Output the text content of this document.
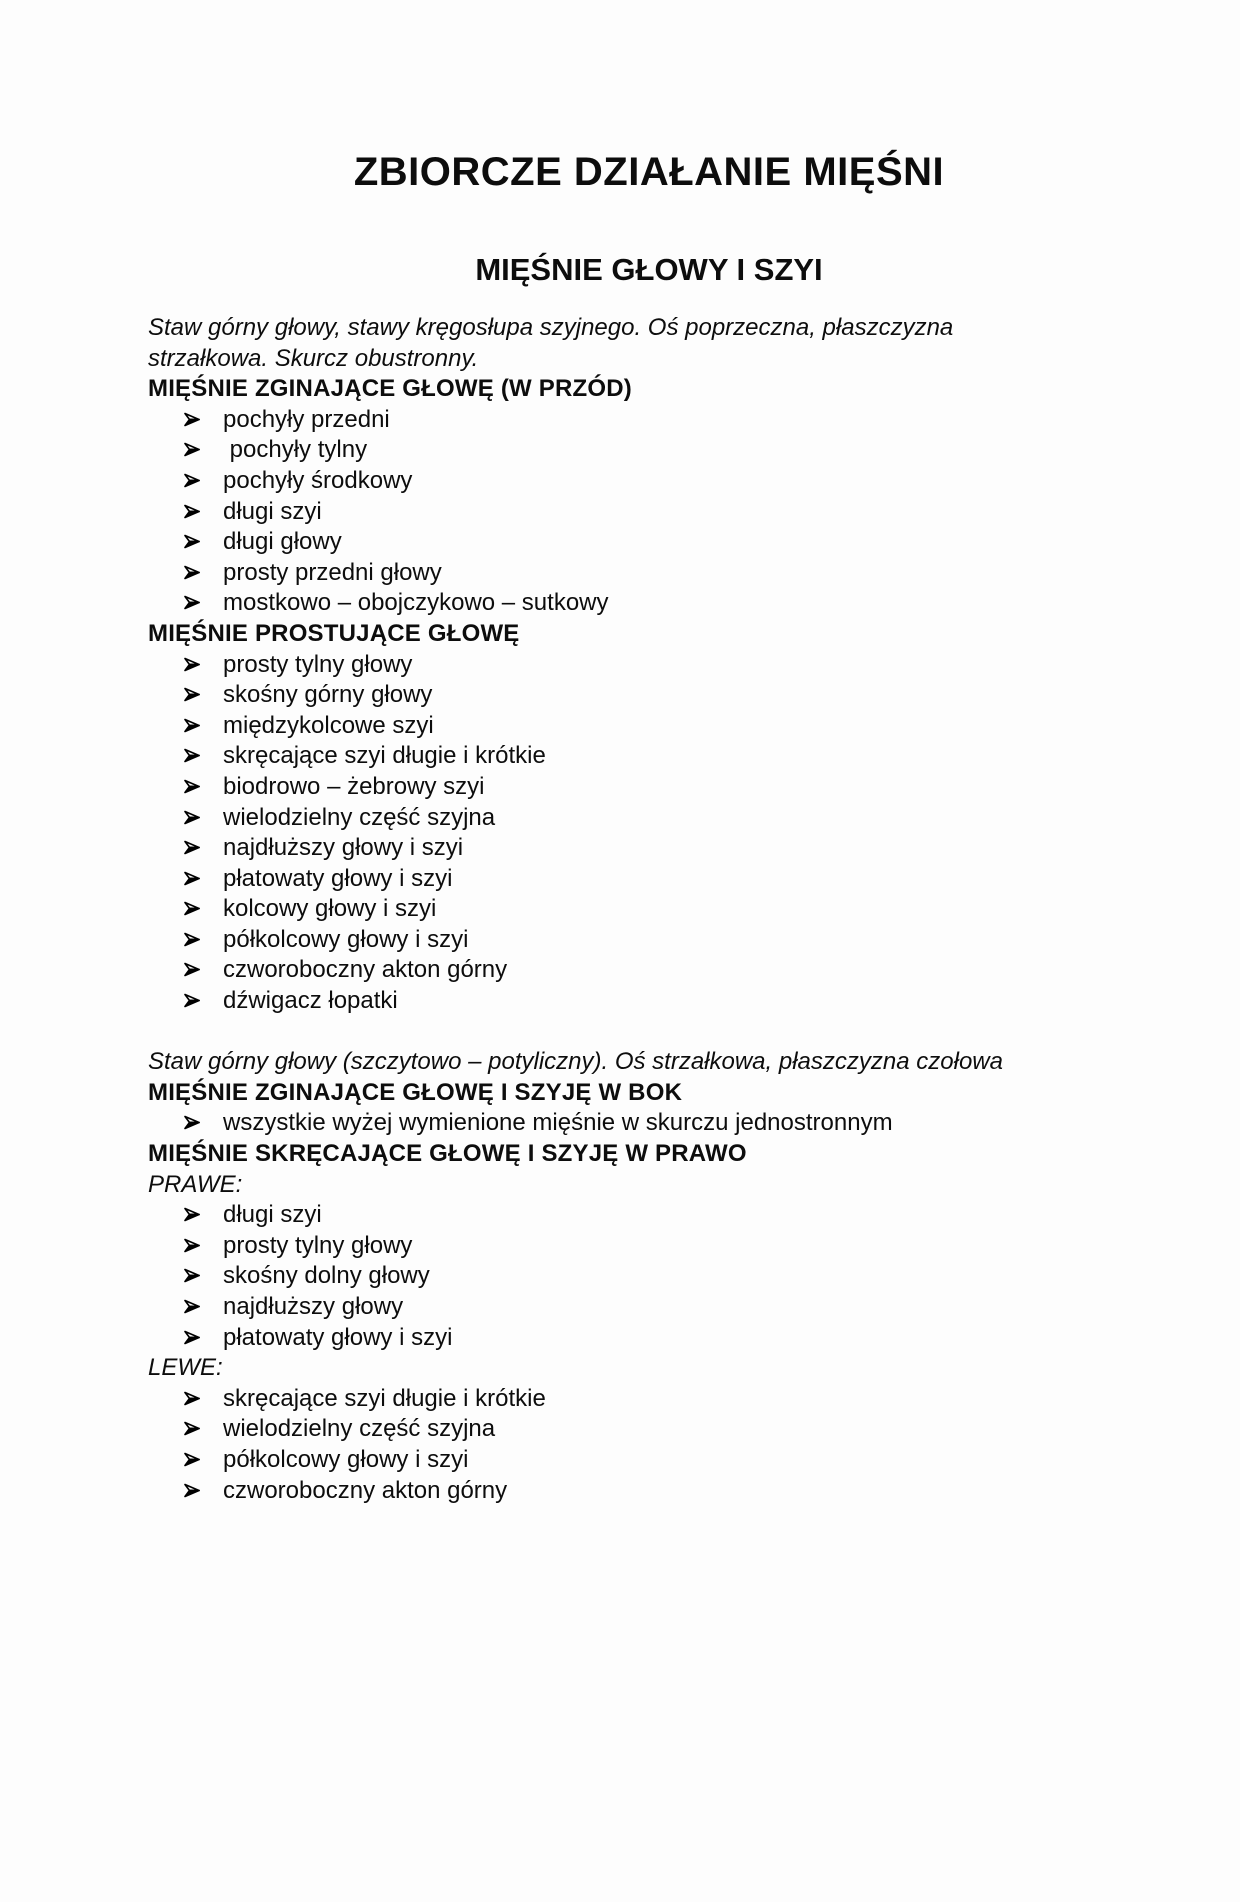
ZBIORCZE DZIAŁANIE MIĘŚNI
MIĘŚNIE GŁOWY I SZYI
Staw górny głowy, stawy kręgosłupa szyjnego. Oś poprzeczna, płaszczyzna
strzałkowa. Skurcz obustronny.
MIĘŚNIE ZGINAJĄCE GŁOWĘ (W PRZÓD)
pochyły przedni
pochyły tylny
pochyły środkowy
długi szyi
długi głowy
prosty przedni głowy
mostkowo – obojczykowo – sutkowy
MIĘŚNIE PROSTUJĄCE GŁOWĘ
prosty tylny głowy
skośny górny głowy
międzykolcowe szyi
skręcające szyi długie i krótkie
biodrowo – żebrowy szyi
wielodzielny część szyjna
najdłuższy głowy i szyi
płatowaty głowy i szyi
kolcowy głowy i szyi
półkolcowy głowy i szyi
czworoboczny akton górny
dźwigacz łopatki

Staw górny głowy (szczytowo – potyliczny). Oś strzałkowa, płaszczyzna czołowa
MIĘŚNIE ZGINAJĄCE GŁOWĘ I SZYJĘ W BOK
wszystkie wyżej wymienione mięśnie w skurczu jednostronnym
MIĘŚNIE SKRĘCAJĄCE GŁOWĘ I SZYJĘ W PRAWO
PRAWE:
długi szyi
prosty tylny głowy
skośny dolny głowy
najdłuższy głowy
płatowaty głowy i szyi
LEWE:
skręcające szyi długie i krótkie
wielodzielny część szyjna
półkolcowy głowy i szyi
czworoboczny akton górny
